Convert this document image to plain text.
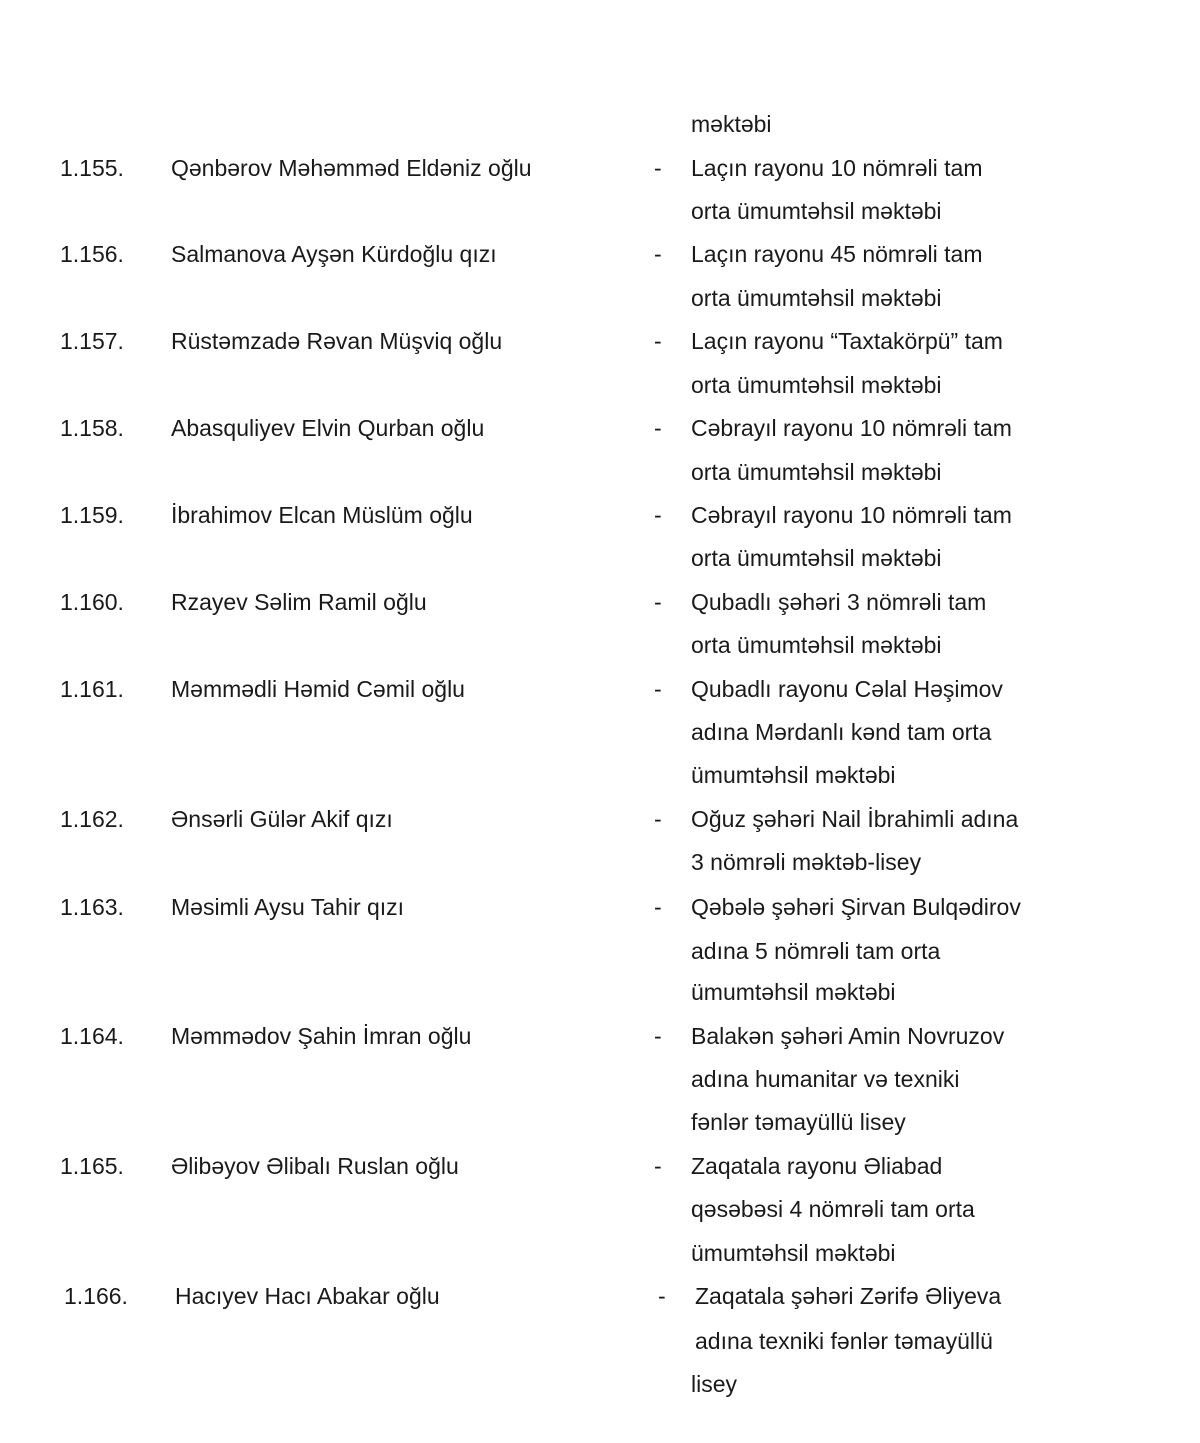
məktəbi
1.155. Qənbərov Məhəmməd Eldəniz oğlu	- Laçın rayonu 10 nömrəli tam
orta ümumtəhsil məktəbi
1.156. Salmanova Ayşən Kürdoğlu qızı	- Laçın rayonu 45 nömrəli tam
orta ümumtəhsil məktəbi
1.157. Rüstəmzadə Rəvan Müşviq oğlu	- Laçın rayonu “Taxtakörpü” tam
orta ümumtəhsil məktəbi
1.158. Abasquliyev Elvin Qurban oğlu	- Cəbrayıl rayonu 10 nömrəli tam
orta ümumtəhsil məktəbi
1.159. İbrahimov Elcan Müslüm oğlu	- Cəbrayıl rayonu 10 nömrəli tam
orta ümumtəhsil məktəbi
1.160. Rzayev Səlim Ramil oğlu	- Qubadlı şəhəri 3 nömrəli tam
orta ümumtəhsil məktəbi
1.161. Məmmədli Həmid Cəmil oğlu	- Qubadlı rayonu Cəlal Həşimov
adına Mərdanlı kənd tam orta
ümumtəhsil məktəbi
1.162. Ənsərli Gülər Akif qızı	- Oğuz şəhəri Nail İbrahimli adına
3 nömrəli məktəb-lisey
1.163. Məsimli Aysu Tahir qızı	- Qəbələ şəhəri Şirvan Bulqədirov
adına 5 nömrəli tam orta
ümumtəhsil məktəbi
1.164. Məmmədov Şahin İmran oğlu	- Balakən şəhəri Amin Novruzov
adına humanitar və texniki
fənlər təmayüllü lisey
1.165. Əlibəyov Əlibalı Ruslan oğlu	- Zaqatala rayonu Əliabad
qəsəbəsi 4 nömrəli tam orta
ümumtəhsil məktəbi
1.166. Hacıyev Hacı Abakar oğlu	- Zaqatala şəhəri Zərifə Əliyeva
adına texniki fənlər təmayüllü
lisey
